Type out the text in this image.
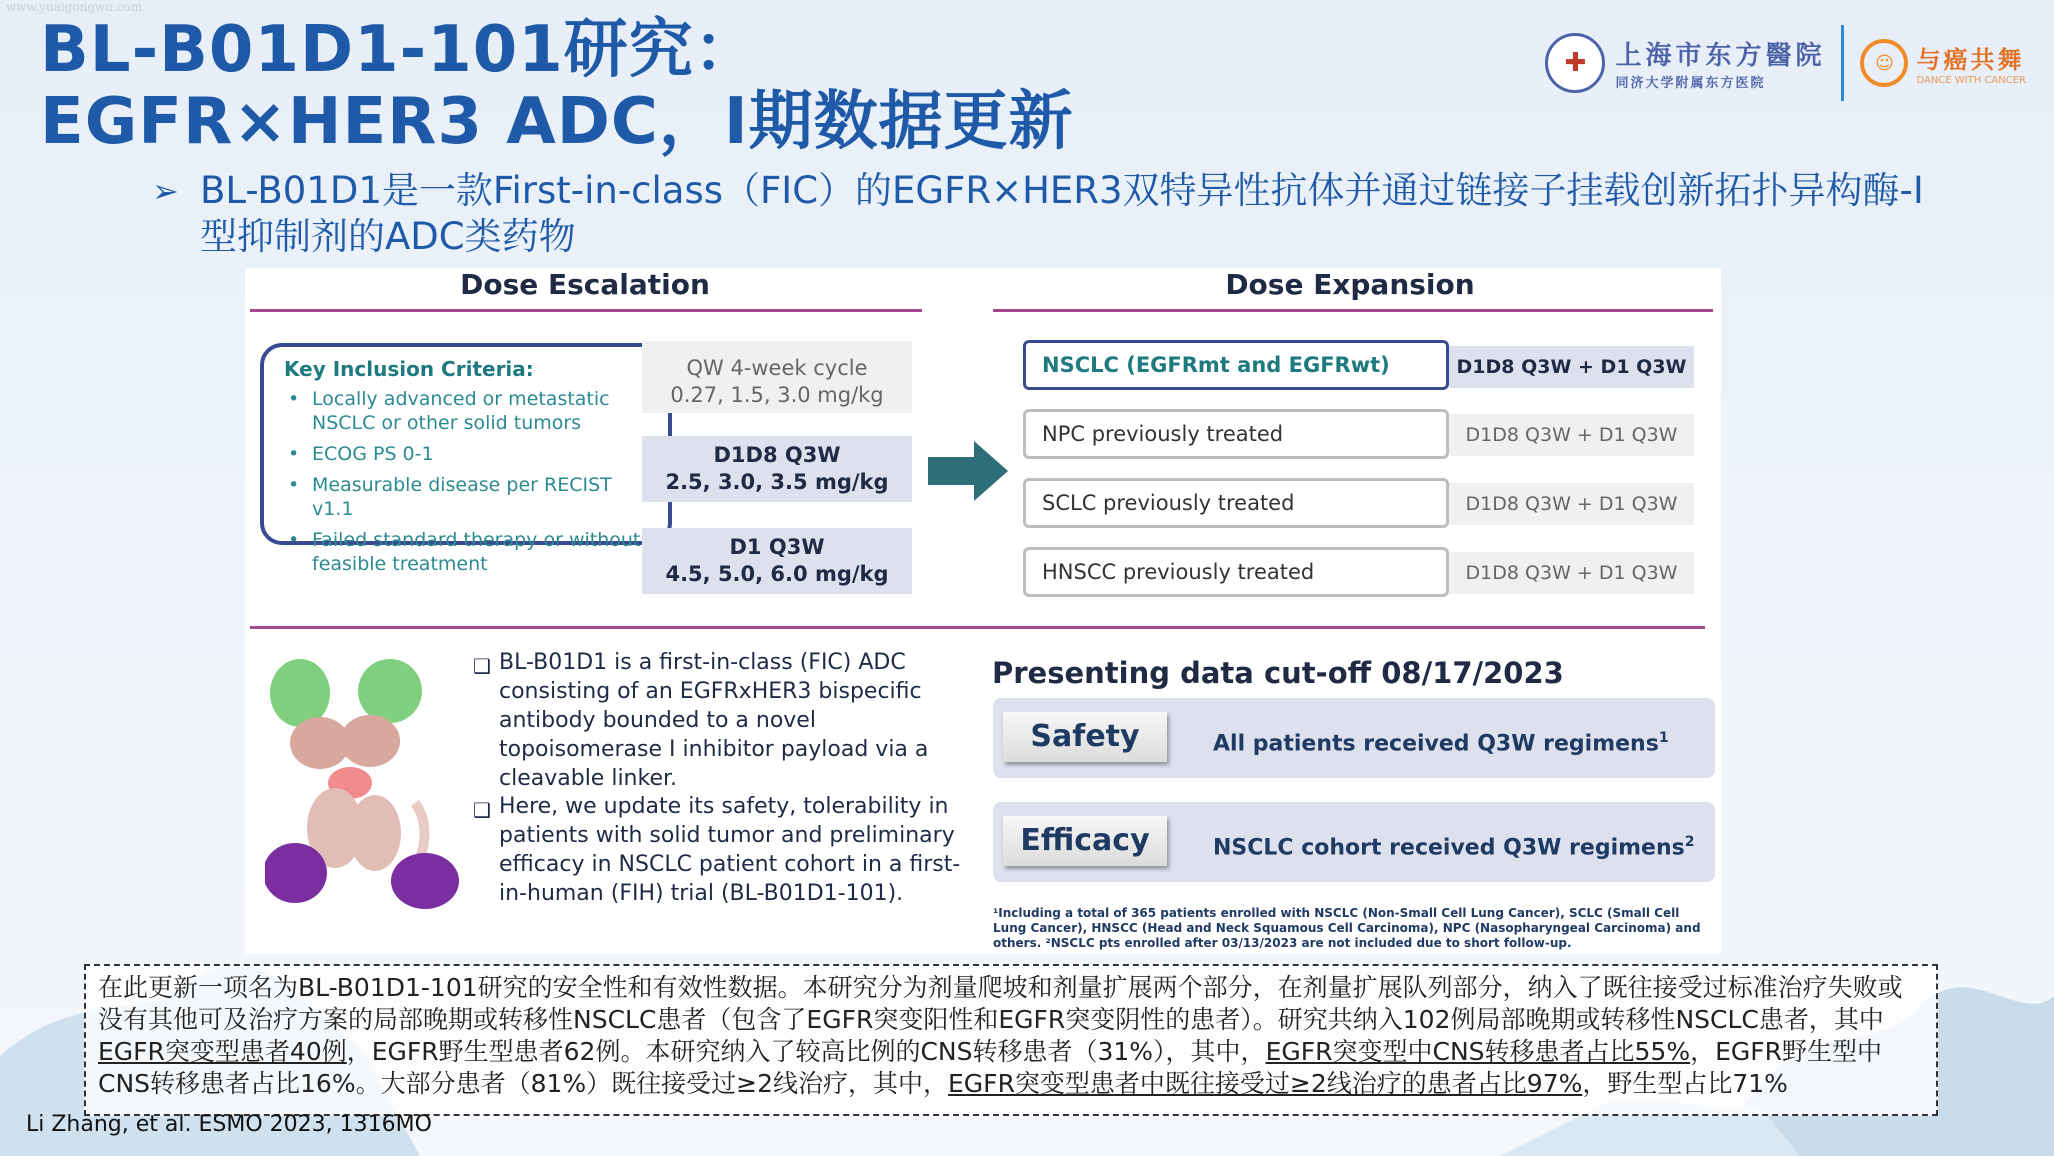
www.yuaigongwu.com
BL-B01D1-101研究：
EGFR×HER3 ADC，I期数据更新
✚ 上海市东方醫院
同济大学附属东方医院
☺ 与癌共舞
DANCE WITH CANCER
➢ BL-B01D1是一款First-in-class（FIC）的EGFR×HER3双特异性抗体并通过链接子挂载创新拓扑异构酶-I型抑制剂的ADC类药物
Dose Escalation	Dose Expansion
Key Inclusion Criteria:
• Locally advanced or metastatic NSCLC or other solid tumors
• ECOG PS 0-1
• Measurable disease per RECIST v1.1
• Failed standard therapy or without feasible treatment
QW 4-week cycle
0.27, 1.5, 3.0 mg/kg
D1D8 Q3W
2.5, 3.0, 3.5 mg/kg
D1 Q3W
4.5, 5.0, 6.0 mg/kg
NSCLC (EGFRmt and EGFRwt)	D1D8 Q3W + D1 Q3W
NPC previously treated	D1D8 Q3W + D1 Q3W
SCLC previously treated	D1D8 Q3W + D1 Q3W
HNSCC previously treated	D1D8 Q3W + D1 Q3W
❑ BL-B01D1 is a first-in-class (FIC) ADC consisting of an EGFRxHER3 bispecific antibody bounded to a novel topoisomerase I inhibitor payload via a cleavable linker.
❑ Here, we update its safety, tolerability in patients with solid tumor and preliminary efficacy in NSCLC patient cohort in a first-in-human (FIH) trial (BL-B01D1-101).
Presenting data cut-off 08/17/2023
Safety	All patients received Q3W regimens$^1$
Efficacy	NSCLC cohort received Q3W regimens$^2$
¹Including a total of 365 patients enrolled with NSCLC (Non-Small Cell Lung Cancer), SCLC (Small Cell Lung Cancer), HNSCC (Head and Neck Squamous Cell Carcinoma), NPC (Nasopharyngeal Carcinoma) and others. ²NSCLC pts enrolled after 03/13/2023 are not included due to short follow-up.
在此更新一项名为BL-B01D1-101研究的安全性和有效性数据。本研究分为剂量爬坡和剂量扩展两个部分，在剂量扩展队列部分，纳入了既往接受过标准治疗失败或没有其他可及治疗方案的局部晚期或转移性NSCLC患者（包含了EGFR突变阳性和EGFR突变阴性的患者）。研究共纳入102例局部晚期或转移性NSCLC患者，其中EGFR突变型患者40例，EGFR野生型患者62例。本研究纳入了较高比例的CNS转移患者（31%），其中，EGFR突变型中CNS转移患者占比55%，EGFR野生型中CNS转移患者占比16%。大部分患者（81%）既往接受过≥2线治疗，其中，EGFR突变型患者中既往接受过≥2线治疗的患者占比97%，野生型占比71%
Li Zhang, et al. ESMO 2023, 1316MO
